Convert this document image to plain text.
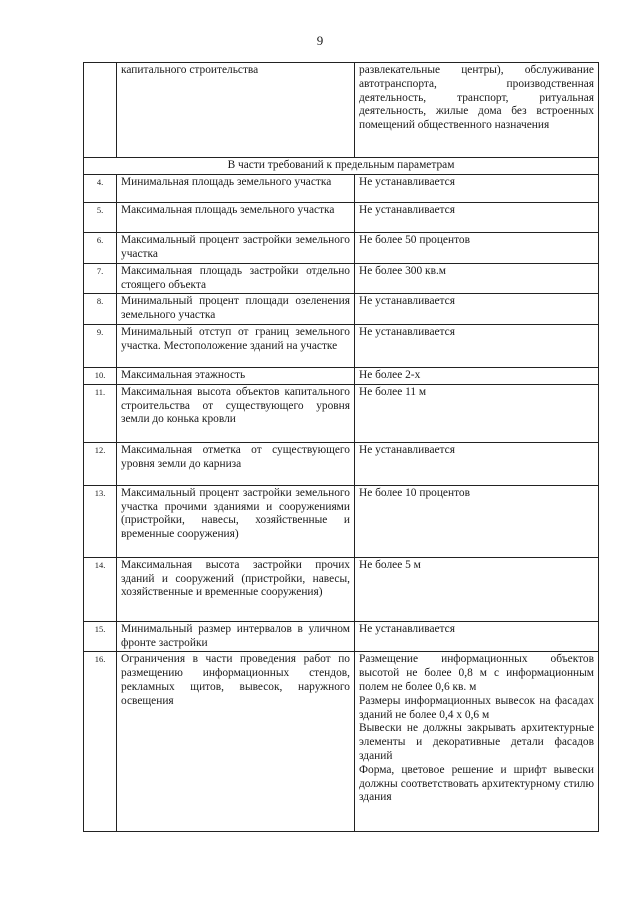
9
	капитального строительства	развлекательные центры), обслуживание автотранспорта, производственная деятельность, транспорт, ритуальная деятельность, жилые дома без встроенных помещений общественного назначения
В части требований к предельным параметрам		
4.	Минимальная площадь земельного участка	Не устанавливается
5.	Максимальная площадь земельного участка	Не устанавливается
6.	Максимальный процент застройки земельного участка	Не более 50 процентов
7.	Максимальная площадь застройки отдельно стоящего объекта	Не более 300 кв.м
8.	Минимальный процент площади озеленения земельного участка	Не устанавливается
9.	Минимальный отступ от границ земельного участка. Местоположение зданий на участке	Не устанавливается
10.	Максимальная этажность	Не более 2-х
11.	Максимальная высота объектов капитального строительства от существующего уровня земли до конька кровли	Не более 11 м
12.	Максимальная отметка от существующего уровня земли до карниза	Не устанавливается
13.	Максимальный процент застройки земельного участка прочими зданиями и сооружениями (пристройки, навесы, хозяйственные и временные сооружения)	Не более 10 процентов
14.	Максимальная высота застройки прочих зданий и сооружений (пристройки, навесы, хозяйственные и временные сооружения)	Не более 5 м
15.	Минимальный размер интервалов в уличном фронте застройки	Не устанавливается
16.	Ограничения в части проведения работ по размещению информационных стендов, рекламных щитов, вывесок, наружного освещения	Размещение информационных объектов высотой не более 0,8 м с информационным полем не более 0,6 кв. м
Размеры информационных вывесок на фасадах зданий не более 0,4 х 0,6 м
Вывески не должны закрывать архитектурные элементы и декоративные детали фасадов зданий
Форма, цветовое решение и шрифт вывески должны соответствовать архитектурному стилю здания
